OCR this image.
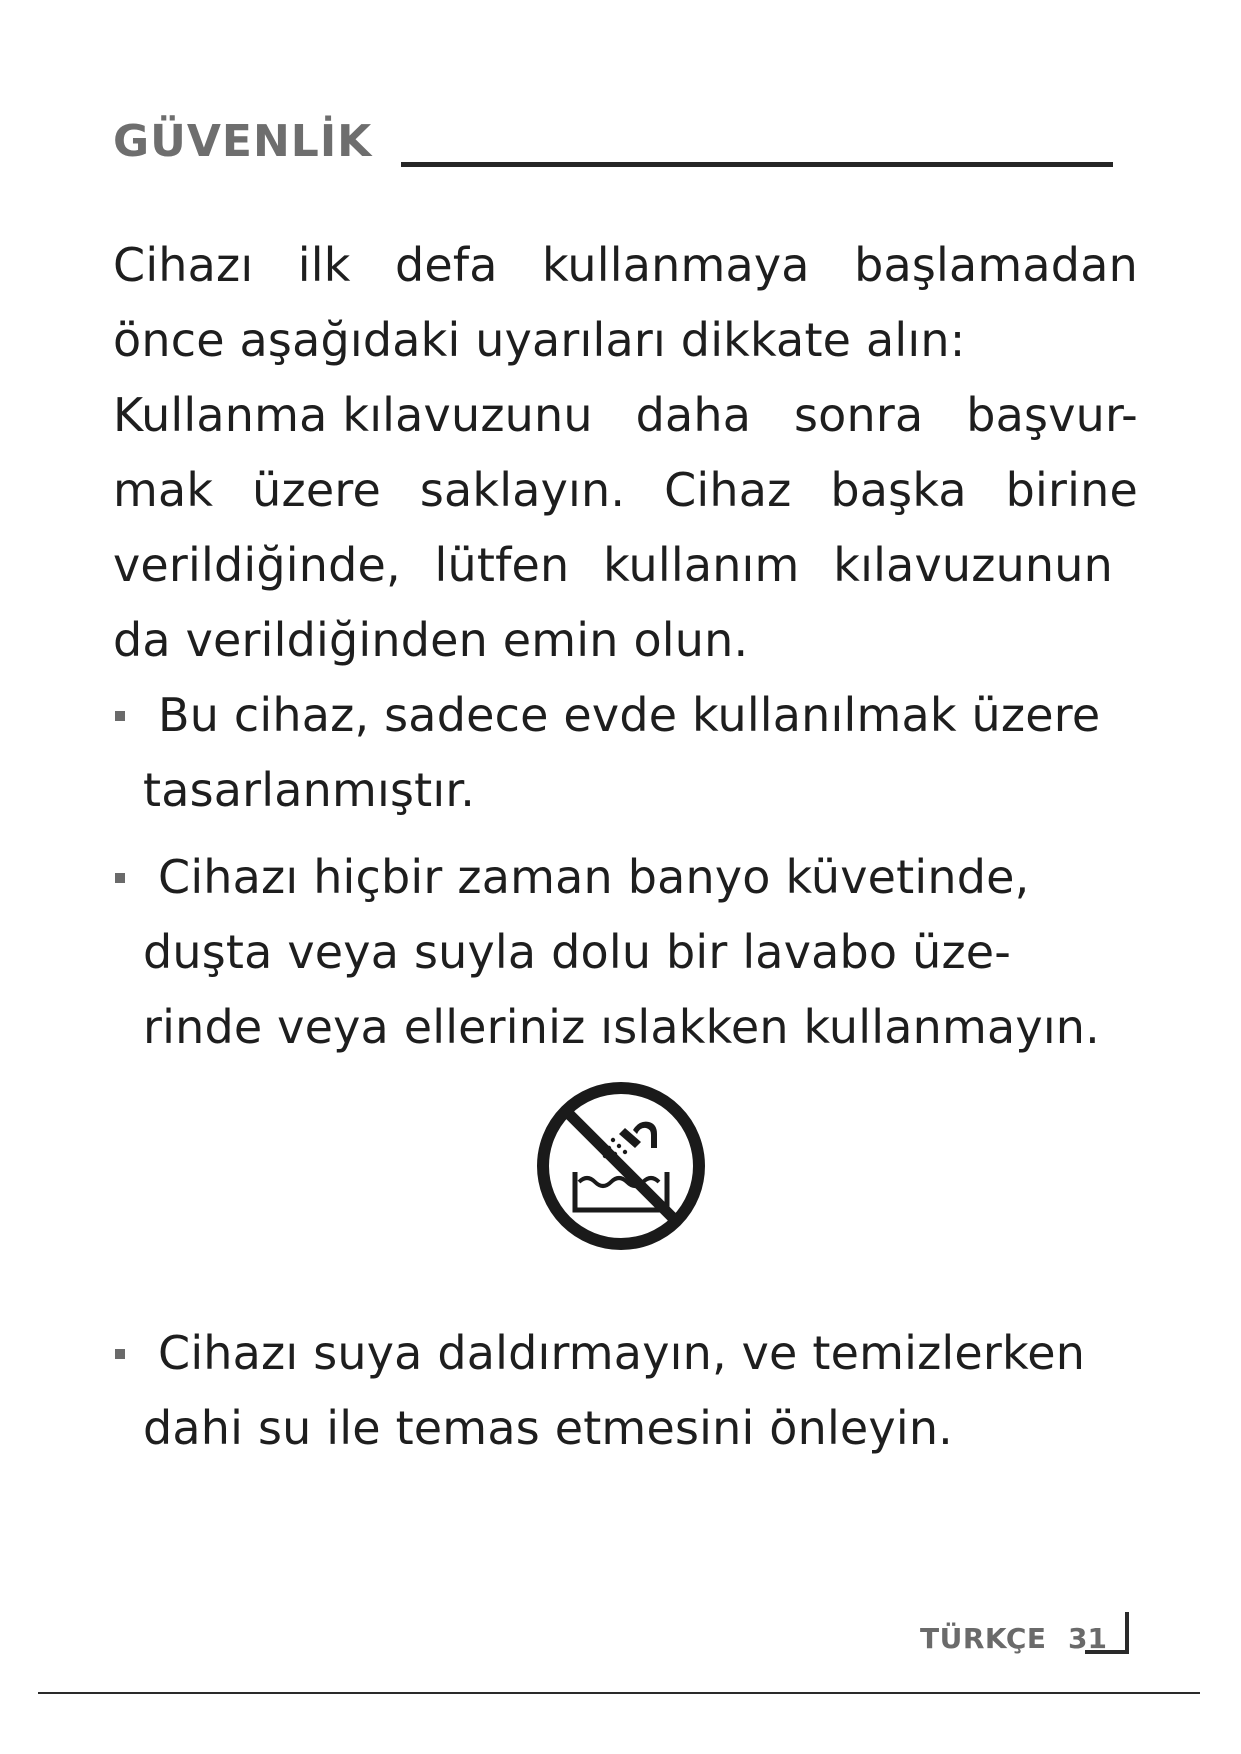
GÜVENLİK
Cihazı ilk defa kullanmaya başlamadan
önce aşağıdaki uyarıları dikkate alın:
Kullanma kılavuzunu daha sonra başvur-
mak üzere saklayın. Cihaz başka birine
verildiğinde, lütfen kullanım kılavuzunun
da verildiğinden emin olun.
Bu cihaz, sadece evde kullanılmak üzere
tasarlanmıştır.
Cihazı hiçbir zaman banyo küvetinde,
duşta veya suyla dolu bir lavabo üze-
rinde veya elleriniz ıslakken kullanmayın.
Cihazı suya daldırmayın, ve temizlerken
dahi su ile temas etmesini önleyin.
TÜRKÇE 31
